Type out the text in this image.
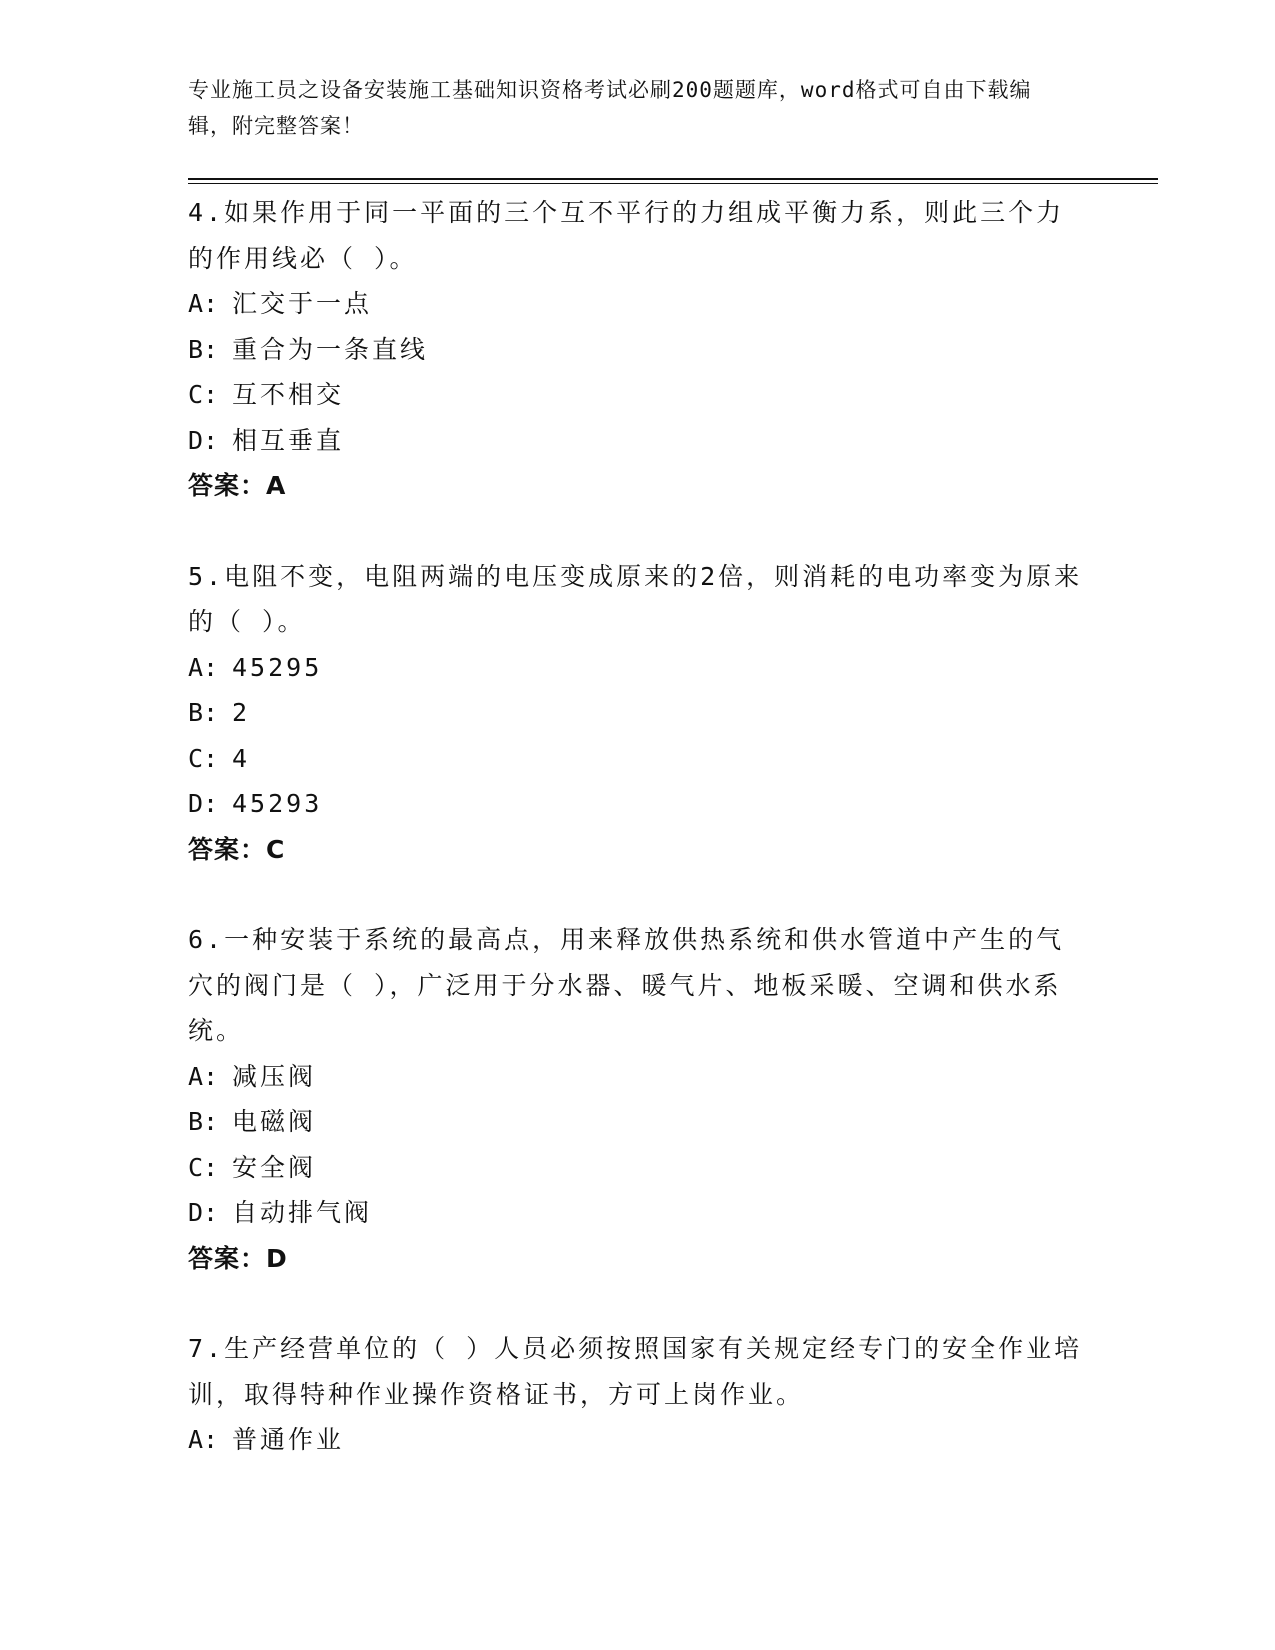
专业施工员之设备安装施工基础知识资格考试必刷200题题库，word格式可自由下载编辑，附完整答案！

4.如果作用于同一平面的三个互不平行的力组成平衡力系，则此三个力的作用线必（ ）。

A: 汇交于一点

B: 重合为一条直线

C: 互不相交

D: 相互垂直

答案：A

5.电阻不变，电阻两端的电压变成原来的2倍，则消耗的电功率变为原来的（ ）。

A: 45295

B: 2

C: 4

D: 45293

答案：C

6.一种安装于系统的最高点，用来释放供热系统和供水管道中产生的气穴的阀门是（ ），广泛用于分水器、暖气片、地板采暖、空调和供水系统。

A: 减压阀

B: 电磁阀

C: 安全阀

D: 自动排气阀

答案：D

7.生产经营单位的（ ）人员必须按照国家有关规定经专门的安全作业培训，取得特种作业操作资格证书，方可上岗作业。

A: 普通作业
